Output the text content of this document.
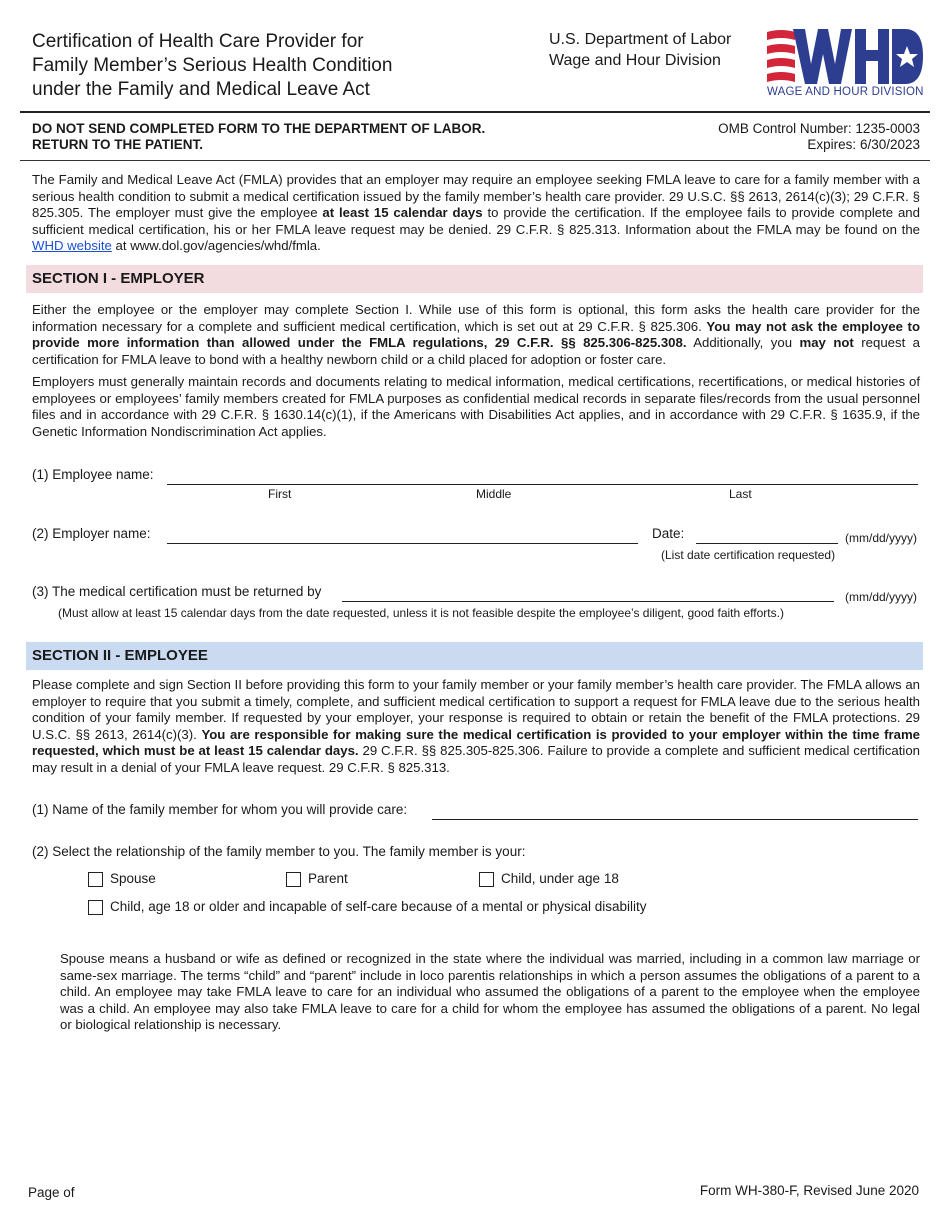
Certification of Health Care Provider for
Family Member’s Serious Health Condition
under the Family and Medical Leave Act
U.S. Department of Labor
Wage and Hour Division
WAGE AND HOUR DIVISION
DO NOT SEND COMPLETED FORM TO THE DEPARTMENT OF LABOR.
RETURN TO THE PATIENT.
OMB Control Number: 1235-0003
Expires: 6/30/2023
The Family and Medical Leave Act (FMLA) provides that an employer may require an employee seeking FMLA leave to care for a family member with a serious health condition to submit a medical certification issued by the family member’s health care provider. 29 U.S.C. §§ 2613, 2614(c)(3); 29 C.F.R. § 825.305. The employer must give the employee at least 15 calendar days to provide the certification. If the employee fails to provide complete and sufficient medical certification, his or her FMLA leave request may be denied. 29 C.F.R. § 825.313. Information about the FMLA may be found on the WHD website at www.dol.gov/agencies/whd/fmla.
SECTION I - EMPLOYER
Either the employee or the employer may complete Section I. While use of this form is optional, this form asks the health care provider for the information necessary for a complete and sufficient medical certification, which is set out at 29 C.F.R. § 825.306. You may not ask the employee to provide more information than allowed under the FMLA regulations, 29 C.F.R. §§ 825.306-825.308. Additionally, you may not request a certification for FMLA leave to bond with a healthy newborn child or a child placed for adoption or foster care.
Employers must generally maintain records and documents relating to medical information, medical certifications, recertifications, or medical histories of employees or employees’ family members created for FMLA purposes as confidential medical records in separate files/records from the usual personnel files and in accordance with 29 C.F.R. § 1630.14(c)(1), if the Americans with Disabilities Act applies, and in accordance with 29 C.F.R. § 1635.9, if the Genetic Information Nondiscrimination Act applies.
(1) Employee name:
First	Middle	Last
(2) Employer name:	Date:	(mm/dd/yyyy)
(List date certification requested)
(3) The medical certification must be returned by	(mm/dd/yyyy)
(Must allow at least 15 calendar days from the date requested, unless it is not feasible despite the employee’s diligent, good faith efforts.)
SECTION II - EMPLOYEE
Please complete and sign Section II before providing this form to your family member or your family member’s health care provider. The FMLA allows an employer to require that you submit a timely, complete, and sufficient medical certification to support a request for FMLA leave due to the serious health condition of your family member. If requested by your employer, your response is required to obtain or retain the benefit of the FMLA protections. 29 U.S.C. §§ 2613, 2614(c)(3). You are responsible for making sure the medical certification is provided to your employer within the time frame requested, which must be at least 15 calendar days. 29 C.F.R. §§ 825.305-825.306. Failure to provide a complete and sufficient medical certification may result in a denial of your FMLA leave request. 29 C.F.R. § 825.313.
(1) Name of the family member for whom you will provide care:
(2) Select the relationship of the family member to you. The family member is your:
Spouse	Parent	Child, under age 18
Child, age 18 or older and incapable of self-care because of a mental or physical disability
Spouse means a husband or wife as defined or recognized in the state where the individual was married, including in a common law marriage or same-sex marriage. The terms “child” and “parent” include in loco parentis relationships in which a person assumes the obligations of a parent to a child. An employee may take FMLA leave to care for an individual who assumed the obligations of a parent to the employee when the employee was a child. An employee may also take FMLA leave to care for a child for whom the employee has assumed the obligations of a parent. No legal or biological relationship is necessary.
Page of	Form WH-380-F, Revised June 2020
